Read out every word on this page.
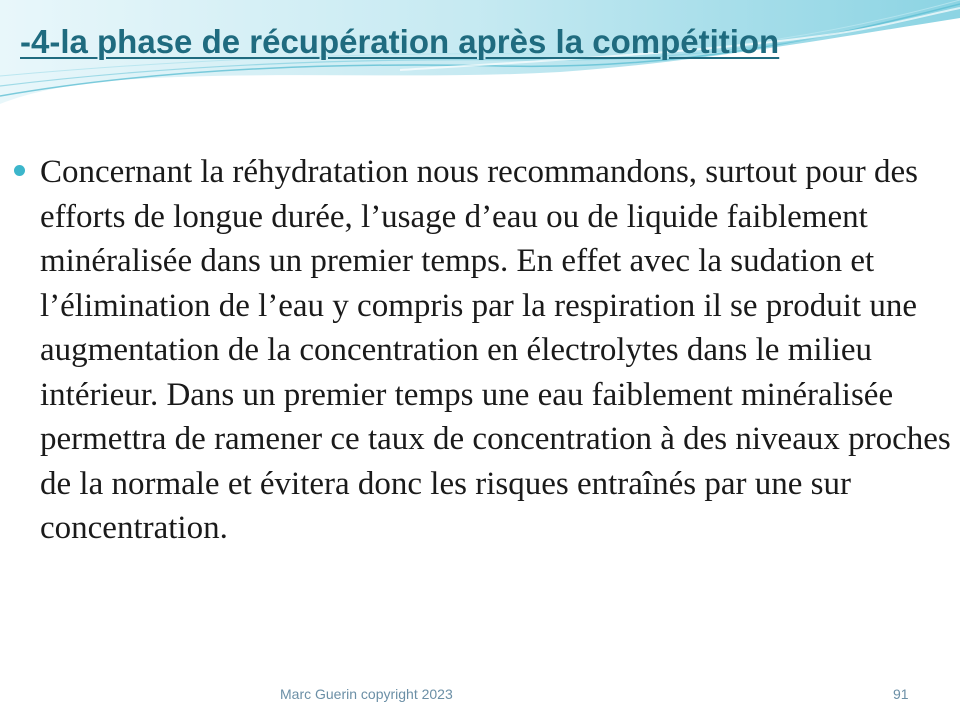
-4-la phase de récupération après la compétition

Concernant la réhydratation nous recommandons, surtout pour des efforts de longue durée, l’usage d’eau ou de liquide faiblement minéralisée dans un premier temps. En effet avec la sudation et l’élimination de l’eau y compris par la respiration il se produit une augmentation de la concentration en électrolytes dans le milieu intérieur. Dans un premier temps une eau faiblement minéralisée permettra de ramener ce taux de concentration à des niveaux proches de la normale et évitera donc les risques entraînés par une sur concentration.

Marc Guerin copyright 2023	91
